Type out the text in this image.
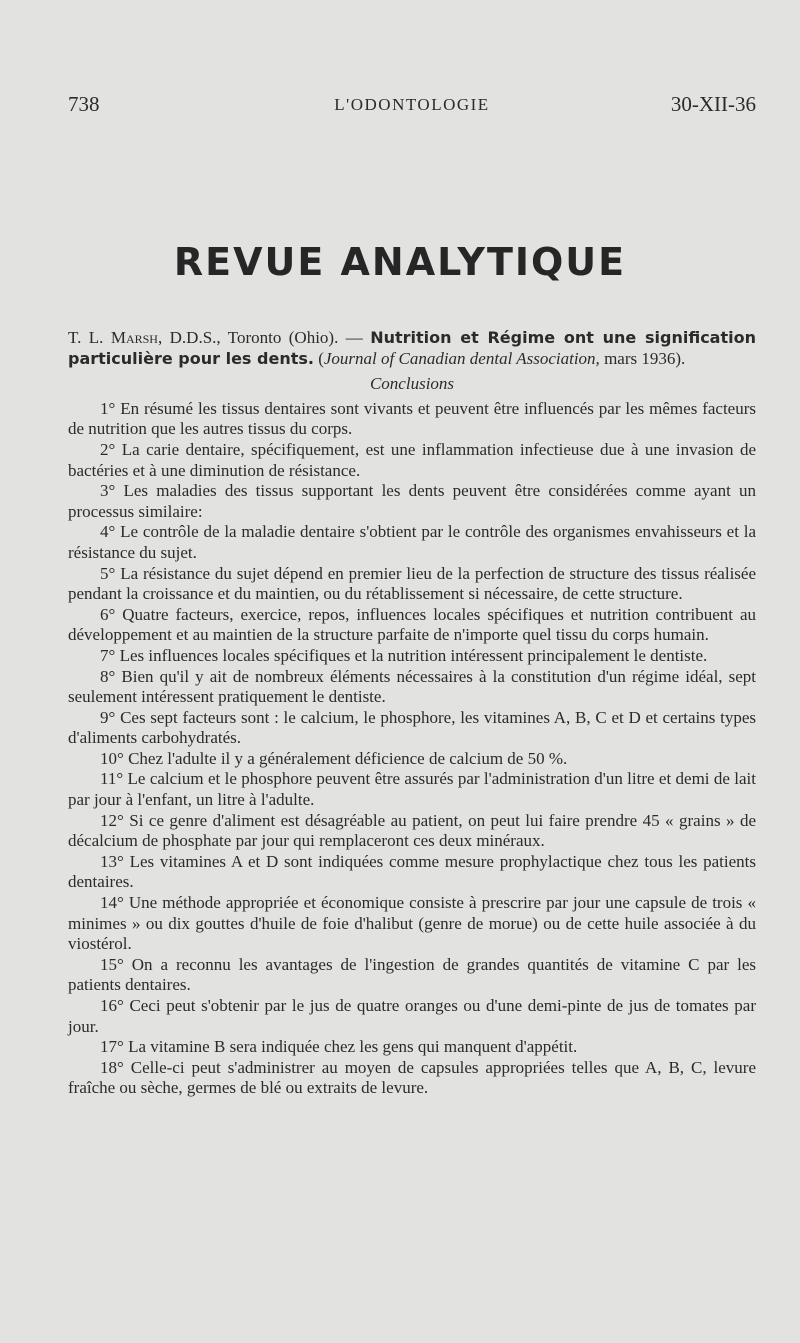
738	L'ODONTOLOGIE	30-XII-36
REVUE ANALYTIQUE

T. L. Marsh, D.D.S., Toronto (Ohio). — Nutrition et Régime ont une signification particulière pour les dents. (Journal of Canadian dental Association, mars 1936).

Conclusions

1° En résumé les tissus dentaires sont vivants et peuvent être influencés par les mêmes facteurs de nutrition que les autres tissus du corps.

2° La carie dentaire, spécifiquement, est une inflammation infectieuse due à une invasion de bactéries et à une diminution de résistance.

3° Les maladies des tissus supportant les dents peuvent être considérées comme ayant un processus similaire:

4° Le contrôle de la maladie dentaire s'obtient par le contrôle des organismes envahisseurs et la résistance du sujet.

5° La résistance du sujet dépend en premier lieu de la perfection de structure des tissus réalisée pendant la croissance et du maintien, ou du rétablissement si nécessaire, de cette structure.

6° Quatre facteurs, exercice, repos, influences locales spécifiques et nutrition contribuent au développement et au maintien de la structure parfaite de n'importe quel tissu du corps humain.

7° Les influences locales spécifiques et la nutrition intéressent principalement le dentiste.

8° Bien qu'il y ait de nombreux éléments nécessaires à la constitution d'un régime idéal, sept seulement intéressent pratiquement le dentiste.

9° Ces sept facteurs sont : le calcium, le phosphore, les vitamines A, B, C et D et certains types d'aliments carbohydratés.

10° Chez l'adulte il y a généralement déficience de calcium de 50 %.

11° Le calcium et le phosphore peuvent être assurés par l'administration d'un litre et demi de lait par jour à l'enfant, un litre à l'adulte.

12° Si ce genre d'aliment est désagréable au patient, on peut lui faire prendre 45 « grains » de décalcium de phosphate par jour qui remplaceront ces deux minéraux.

13° Les vitamines A et D sont indiquées comme mesure prophylactique chez tous les patients dentaires.

14° Une méthode appropriée et économique consiste à prescrire par jour une capsule de trois « minimes » ou dix gouttes d'huile de foie d'halibut (genre de morue) ou de cette huile associée à du viostérol.

15° On a reconnu les avantages de l'ingestion de grandes quantités de vitamine C par les patients dentaires.

16° Ceci peut s'obtenir par le jus de quatre oranges ou d'une demi-pinte de jus de tomates par jour.

17° La vitamine B sera indiquée chez les gens qui manquent d'appétit.

18° Celle-ci peut s'administrer au moyen de capsules appropriées telles que A, B, C, levure fraîche ou sèche, germes de blé ou extraits de levure.
